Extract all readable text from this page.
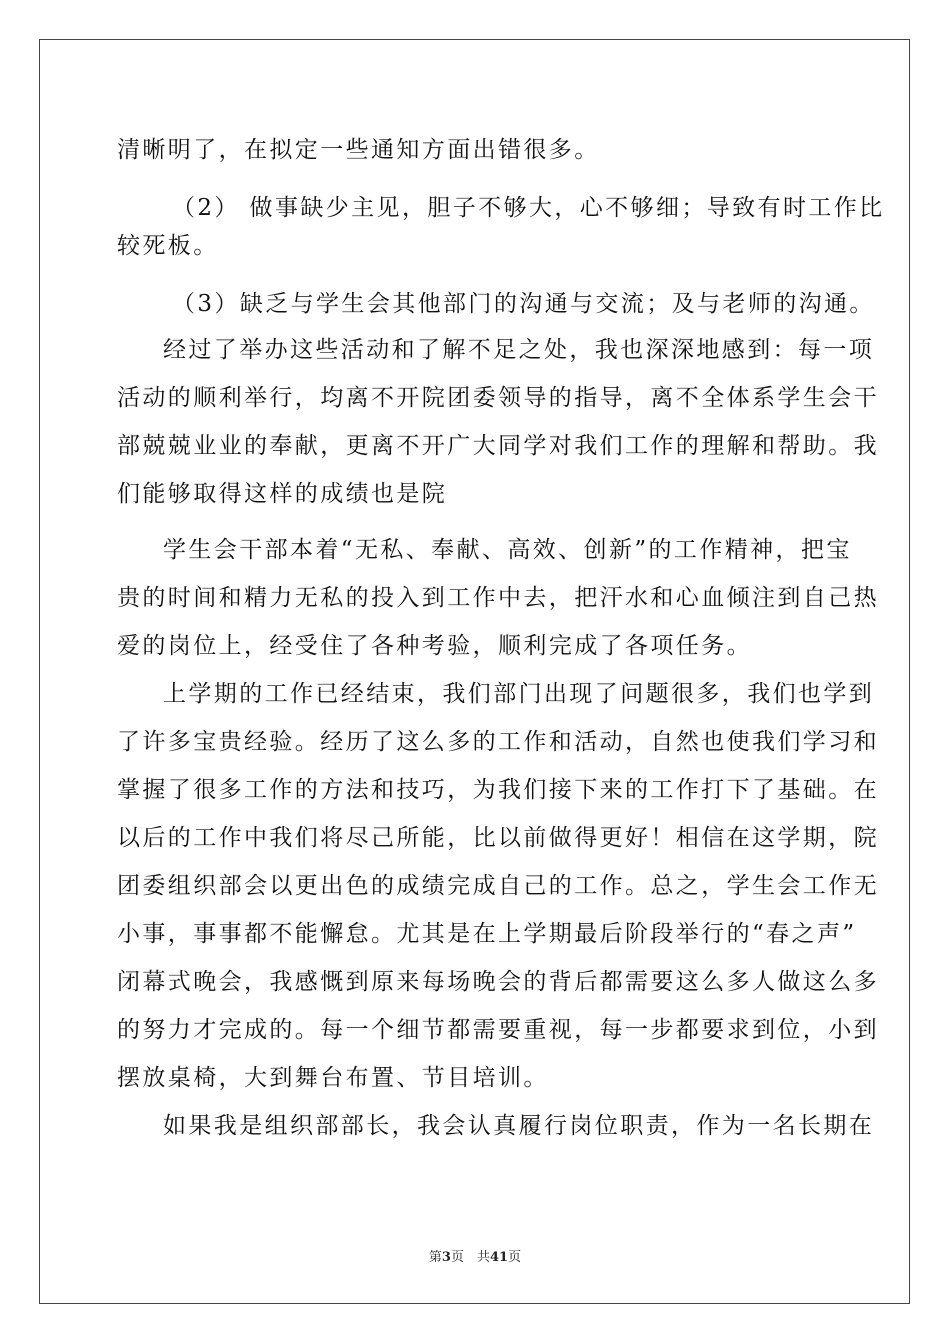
清晰明了，在拟定一些通知方面出错很多。
（2） 做事缺少主见，胆子不够大，心不够细；导致有时工作比
较死板。
（3）缺乏与学生会其他部门的沟通与交流；及与老师的沟通。
经过了举办这些活动和了解不足之处，我也深深地感到：每一项
活动的顺利举行，均离不开院团委领导的指导，离不全体系学生会干
部兢兢业业的奉献，更离不开广大同学对我们工作的理解和帮助。我
们能够取得这样的成绩也是院
学生会干部本着“无私、奉献、高效、创新”的工作精神，把宝
贵的时间和精力无私的投入到工作中去，把汗水和心血倾注到自己热
爱的岗位上，经受住了各种考验，顺利完成了各项任务。
上学期的工作已经结束，我们部门出现了问题很多，我们也学到
了许多宝贵经验。经历了这么多的工作和活动，自然也使我们学习和
掌握了很多工作的方法和技巧，为我们接下来的工作打下了基础。在
以后的工作中我们将尽己所能，比以前做得更好！相信在这学期，院
团委组织部会以更出色的成绩完成自己的工作。总之，学生会工作无
小事，事事都不能懈怠。尤其是在上学期最后阶段举行的“春之声”
闭幕式晚会，我感慨到原来每场晚会的背后都需要这么多人做这么多
的努力才完成的。每一个细节都需要重视，每一步都要求到位，小到
摆放桌椅，大到舞台布置、节目培训。
如果我是组织部部长，我会认真履行岗位职责，作为一名长期在
第3页　共41页
